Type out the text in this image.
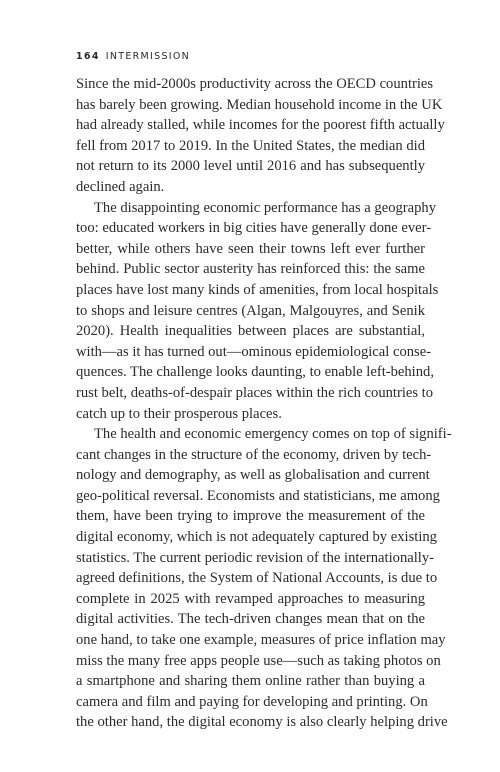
164 INTERMISSION

Since the mid-2000s productivity across the OECD countries
has barely been growing. Median household income in the UK
had already stalled, while incomes for the poorest fifth actually
fell from 2017 to 2019. In the United States, the median did
not return to its 2000 level until 2016 and has subsequently
declined again.

The disappointing economic performance has a geography
too: educated workers in big cities have generally done ever-
better, while others have seen their towns left ever further
behind. Public sector austerity has reinforced this: the same
places have lost many kinds of amenities, from local hospitals
to shops and leisure centres (Algan, Malgouyres, and Senik
2020). Health inequalities between places are substantial,
with—as it has turned out—ominous epidemiological conse-
quences. The challenge looks daunting, to enable left-behind,
rust belt, deaths-of-despair places within the rich countries to
catch up to their prosperous places.

The health and economic emergency comes on top of signifi-
cant changes in the structure of the economy, driven by tech-
nology and demography, as well as globalisation and current
geo-political reversal. Economists and statisticians, me among
them, have been trying to improve the measurement of the
digital economy, which is not adequately captured by existing
statistics. The current periodic revision of the internationally-
agreed definitions, the System of National Accounts, is due to
complete in 2025 with revamped approaches to measuring
digital activities. The tech-driven changes mean that on the
one hand, to take one example, measures of price inflation may
miss the many free apps people use—such as taking photos on
a smartphone and sharing them online rather than buying a
camera and film and paying for developing and printing. On
the other hand, the digital economy is also clearly helping drive
